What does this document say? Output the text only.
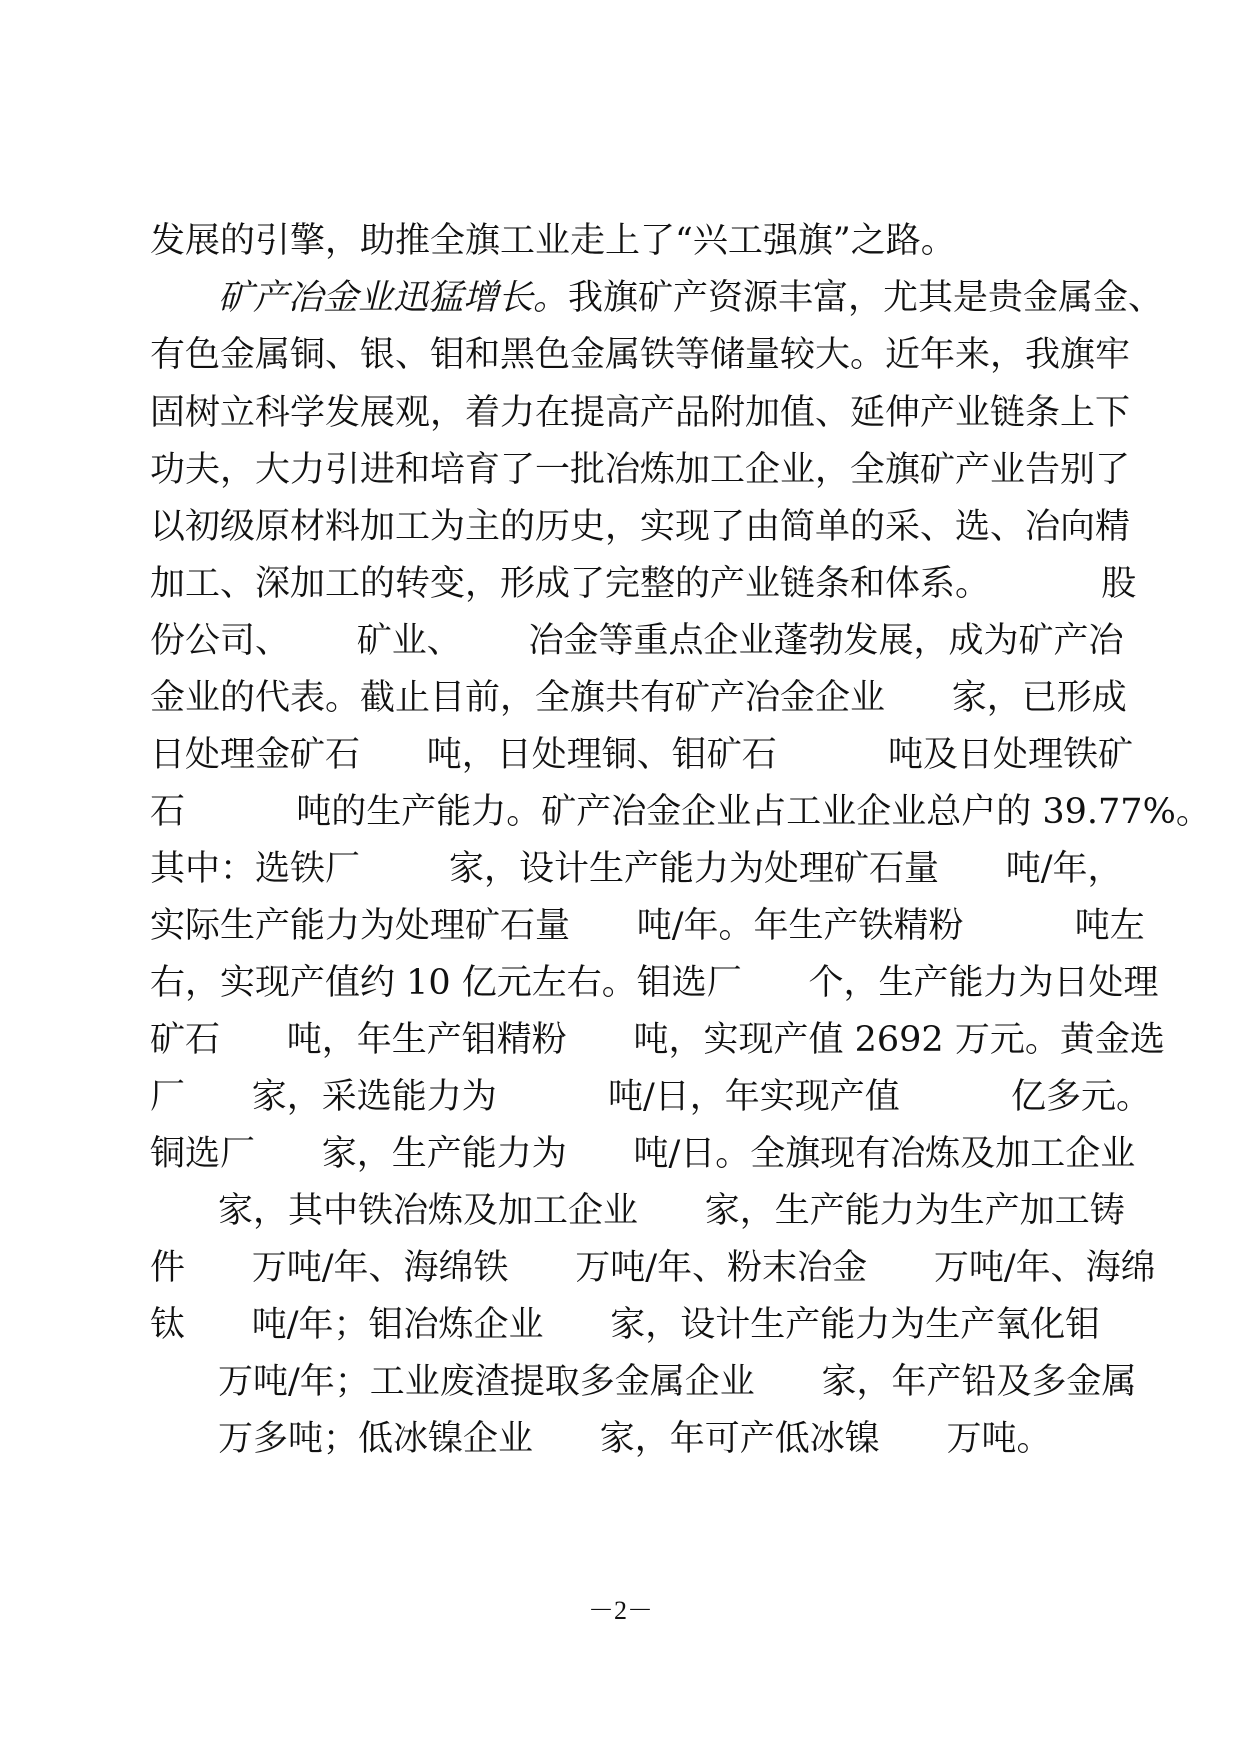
发展的引擎，助推全旗工业走上了“兴工强旗”之路。
矿产冶金业迅猛增长。我旗矿产资源丰富，尤其是贵金属金、
有色金属铜、银、钼和黑色金属铁等储量较大。近年来，我旗牢
固树立科学发展观，着力在提高产品附加值、延伸产业链条上下
功夫，大力引进和培育了一批冶炼加工企业，全旗矿产业告别了
以初级原材料加工为主的历史，实现了由简单的采、选、冶向精
加工、深加工的转变，形成了完整的产业链条和体系。          股
份公司、      矿业、      冶金等重点企业蓬勃发展，成为矿产冶
金业的代表。截止目前，全旗共有矿产冶金企业      家，已形成
日处理金矿石      吨，日处理铜、钼矿石          吨及日处理铁矿
石          吨的生产能力。矿产冶金企业占工业企业总户的 39.77%。
其中：选铁厂        家，设计生产能力为处理矿石量      吨/年，
实际生产能力为处理矿石量      吨/年。年生产铁精粉          吨左
右，实现产值约 10 亿元左右。钼选厂      个，生产能力为日处理
矿石      吨，年生产钼精粉      吨，实现产值 2692 万元。黄金选
厂      家，采选能力为          吨/日，年实现产值          亿多元。
铜选厂      家，生产能力为      吨/日。全旗现有冶炼及加工企业
家，其中铁冶炼及加工企业      家，生产能力为生产加工铸
件      万吨/年、海绵铁      万吨/年、粉末冶金      万吨/年、海绵
钛      吨/年；钼冶炼企业      家，设计生产能力为生产氧化钼
万吨/年；工业废渣提取多金属企业      家，年产铅及多金属
万多吨；低冰镍企业      家，年可产低冰镍      万吨。
－2－
